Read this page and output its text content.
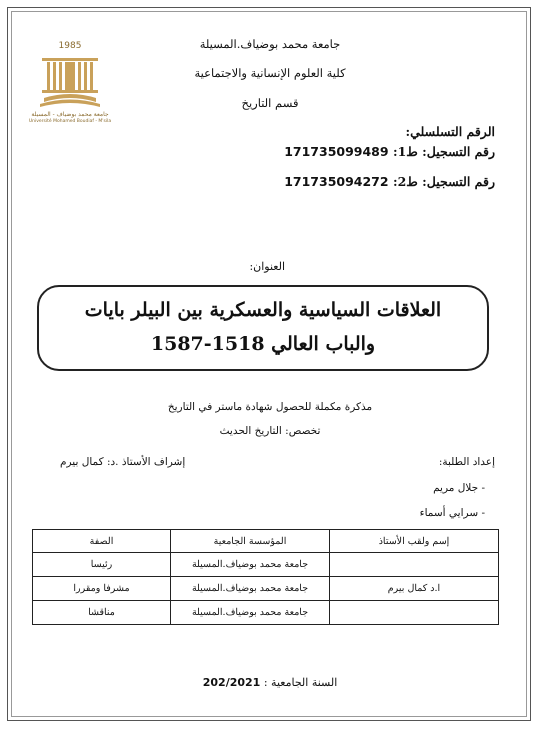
1985
جامعة محمد بوضياف - المسيلة
Université Mohamed Boudiaf - M'sila
جامعة محمد بوضياف.المسيلة
كلية العلوم الإنسانية والاجتماعية
قسم التاريخ
الرقم التسلسلي:
رقم التسجيل: ط1: 171735099489
رقم التسجيل: ط2: 171735094272
العنوان:
العلاقات السياسية والعسكرية بين البيلر بايات
والباب العالي 1518-1587
مذكرة مكملة للحصول شهادة ماستر في التاريخ
تخصص: التاريخ الحديث
إعداد الطلبة:
إشراف الأستاذ .د: كمال بيرم
- جلال مريم
- سرايي أسماء
إسم ولقب الأستاذ	المؤسسة الجامعية	الصفة
	جامعة محمد بوضياف.المسيلة	رئيسا
ا.د كمال بيرم	جامعة محمد بوضياف.المسيلة	مشرفا ومقررا
	جامعة محمد بوضياف.المسيلة	مناقشا
السنة الجامعية : 202/2021
